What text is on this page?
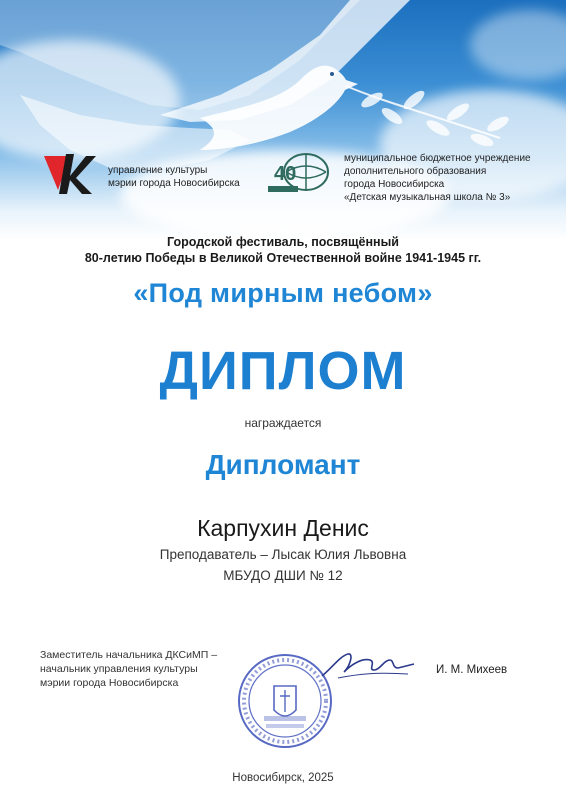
управление культуры
мэрии города Новосибирска 40
муниципальное бюджетное учреждение
дополнительного образования
города Новосибирска
«Детская музыкальная школа № 3»
Городской фестиваль, посвящённый
80-летию Победы в Великой Отечественной войне 1941-1945 гг.
«Под мирным небом»
ДИПЛОМ
награждается
Дипломант
Карпухин Денис
Преподаватель – Лысак Юлия Львовна
МБУДО ДШИ № 12
Заместитель начальника ДКСиМП –
начальник управления культуры
мэрии города Новосибирска
И. М. Михеев
Новосибирск, 2025
